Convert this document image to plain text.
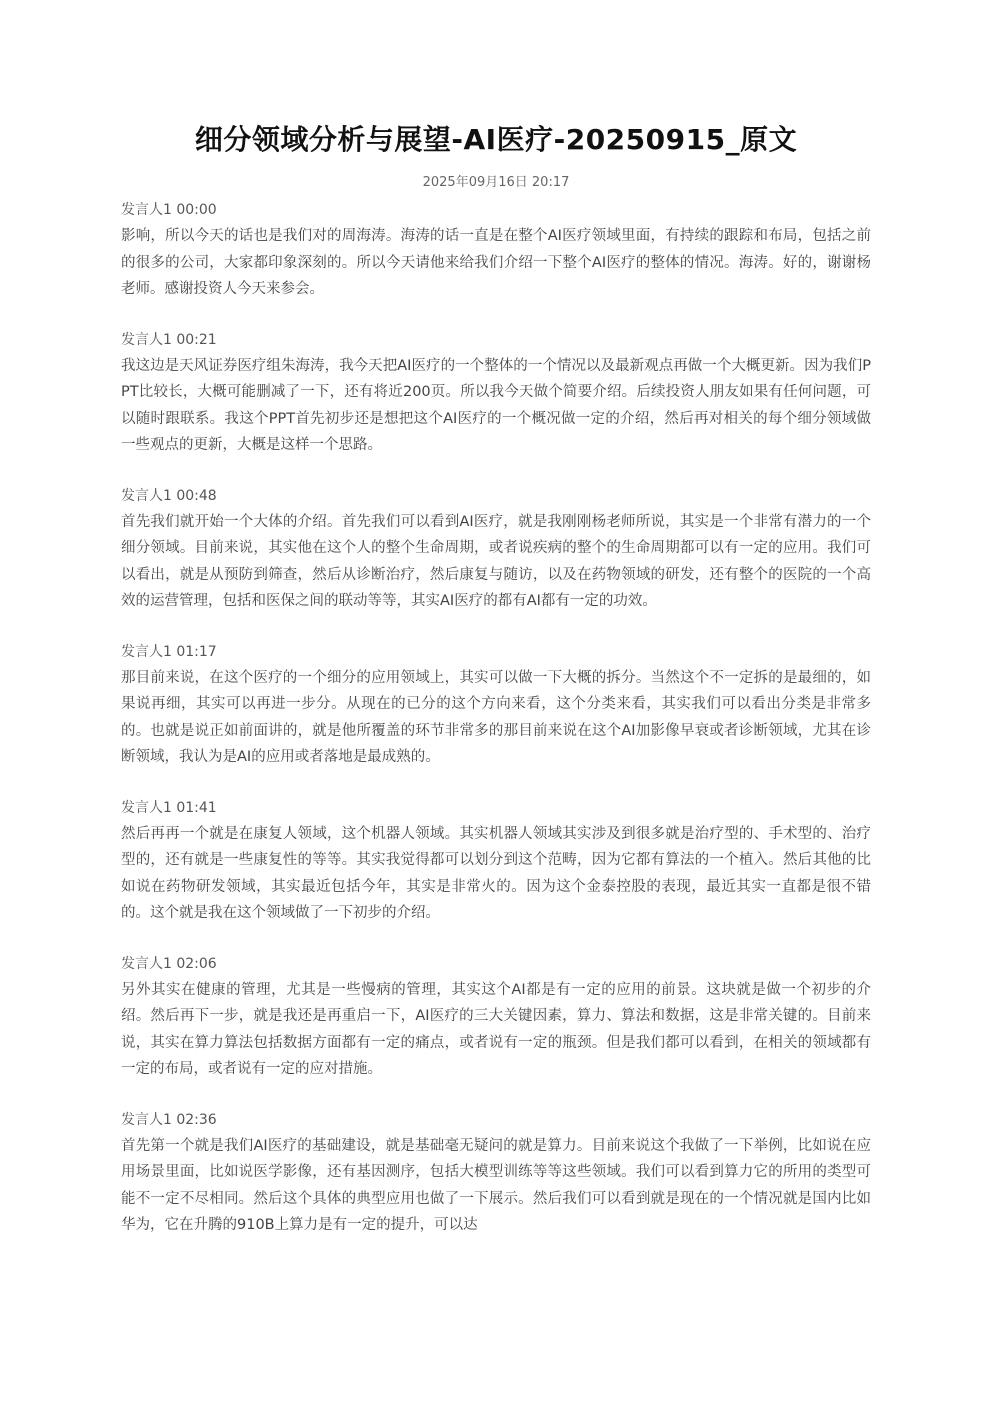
细分领域分析与展望-AI医疗-20250915_原文
2025年09月16日 20:17
发言人1 00:00

影响，所以今天的话也是我们对的周海涛。海涛的话一直是在整个AI医疗领域里面，有持续的跟踪和布局，包括之前的很多的公司，大家都印象深刻的。所以今天请他来给我们介绍一下整个AI医疗的整体的情况。海涛。好的，谢谢杨老师。感谢投资人今天来参会。

发言人1 00:21

我这边是天风证券医疗组朱海涛，我今天把AI医疗的一个整体的一个情况以及最新观点再做一个大概更新。因为我们PPT比较长，大概可能删减了一下，还有将近200页。所以我今天做个简要介绍。后续投资人朋友如果有任何问题，可以随时跟联系。我这个PPT首先初步还是想把这个AI医疗的一个概况做一定的介绍，然后再对相关的每个细分领域做一些观点的更新，大概是这样一个思路。

发言人1 00:48

首先我们就开始一个大体的介绍。首先我们可以看到AI医疗，就是我刚刚杨老师所说，其实是一个非常有潜力的一个细分领域。目前来说，其实他在这个人的整个生命周期，或者说疾病的整个的生命周期都可以有一定的应用。我们可以看出，就是从预防到筛查，然后从诊断治疗，然后康复与随访，以及在药物领域的研发，还有整个的医院的一个高效的运营管理，包括和医保之间的联动等等，其实AI医疗的都有AI都有一定的功效。

发言人1 01:17

那目前来说，在这个医疗的一个细分的应用领域上，其实可以做一下大概的拆分。当然这个不一定拆的是最细的，如果说再细，其实可以再进一步分。从现在的已分的这个方向来看，这个分类来看，其实我们可以看出分类是非常多的。也就是说正如前面讲的，就是他所覆盖的环节非常多的那目前来说在这个AI加影像早衰或者诊断领域，尤其在诊断领域，我认为是AI的应用或者落地是最成熟的。

发言人1 01:41

然后再再一个就是在康复人领域，这个机器人领域。其实机器人领域其实涉及到很多就是治疗型的、手术型的、治疗型的，还有就是一些康复性的等等。其实我觉得都可以划分到这个范畴，因为它都有算法的一个植入。然后其他的比如说在药物研发领域，其实最近包括今年，其实是非常火的。因为这个金泰控股的表现，最近其实一直都是很不错的。这个就是我在这个领域做了一下初步的介绍。

发言人1 02:06

另外其实在健康的管理，尤其是一些慢病的管理，其实这个AI都是有一定的应用的前景。这块就是做一个初步的介绍。然后再下一步，就是我还是再重启一下，AI医疗的三大关键因素，算力、算法和数据，这是非常关键的。目前来说，其实在算力算法包括数据方面都有一定的痛点，或者说有一定的瓶颈。但是我们都可以看到，在相关的领域都有一定的布局，或者说有一定的应对措施。

发言人1 02:36

首先第一个就是我们AI医疗的基础建设，就是基础毫无疑问的就是算力。目前来说这个我做了一下举例，比如说在应用场景里面，比如说医学影像，还有基因测序，包括大模型训练等等这些领域。我们可以看到算力它的所用的类型可能不一定不尽相同。然后这个具体的典型应用也做了一下展示。然后我们可以看到就是现在的一个情况就是国内比如华为，它在升腾的910B上算力是有一定的提升，可以达
